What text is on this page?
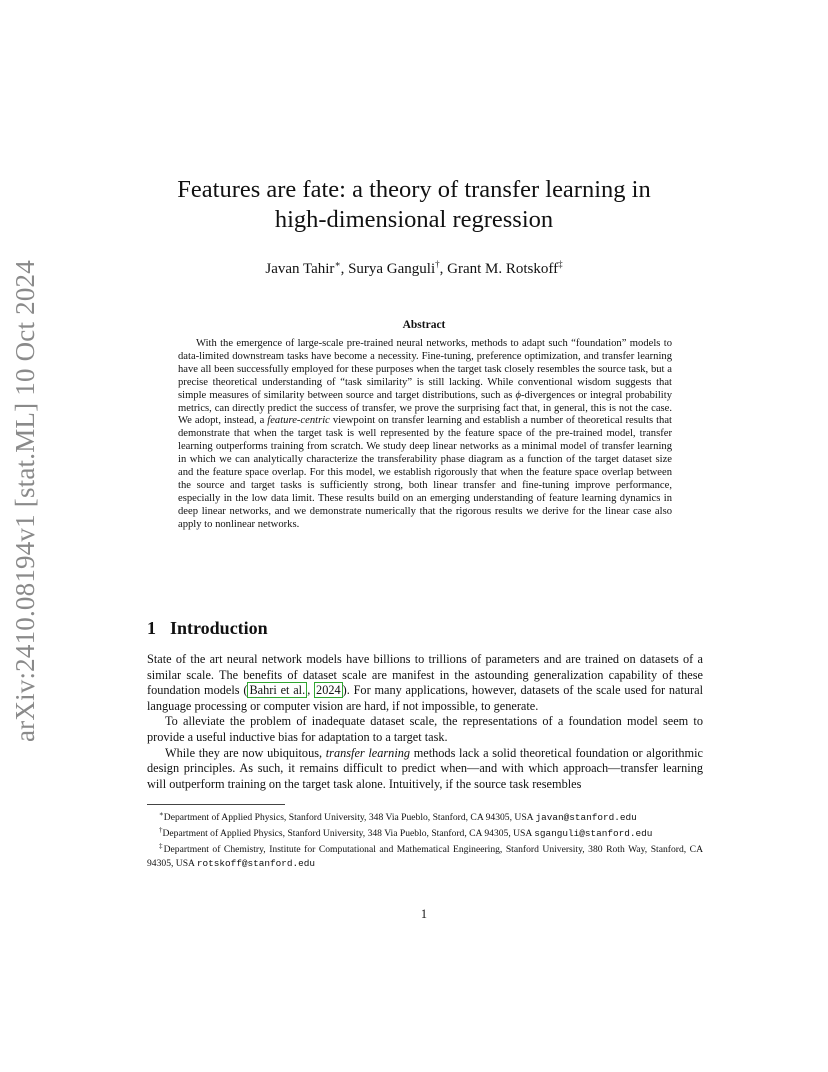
arXiv:2410.08194v1 [stat.ML] 10 Oct 2024
Features are fate: a theory of transfer learning in
high-dimensional regression
Javan Tahir∗, Surya Ganguli†, Grant M. Rotskoff‡
Abstract

With the emergence of large-scale pre-trained neural networks, methods to adapt such “foundation” models to data-limited downstream tasks have become a necessity. Fine-tuning, preference optimization, and transfer learning have all been successfully employed for these purposes when the target task closely resembles the source task, but a precise theoretical understanding of “task similarity” is still lacking. While conventional wisdom suggests that simple measures of similarity between source and target distributions, such as ϕ-divergences or integral probability metrics, can directly predict the success of transfer, we prove the surprising fact that, in general, this is not the case. We adopt, instead, a feature-centric viewpoint on transfer learning and establish a number of theoretical results that demonstrate that when the target task is well represented by the feature space of the pre-trained model, transfer learning outperforms training from scratch. We study deep linear networks as a minimal model of transfer learning in which we can analytically characterize the transferability phase diagram as a function of the target dataset size and the feature space overlap. For this model, we establish rigorously that when the feature space overlap between the source and target tasks is sufficiently strong, both linear transfer and fine-tuning improve performance, especially in the low data limit. These results build on an emerging understanding of feature learning dynamics in deep linear networks, and we demonstrate numerically that the rigorous results we derive for the linear case also apply to nonlinear networks.

1 Introduction

State of the art neural network models have billions to trillions of parameters and are trained on datasets of a similar scale. The benefits of dataset scale are manifest in the astounding generalization capability of these foundation models ( Bahri et al. , 2024 ). For many applications, however, datasets of the scale used for natural language processing or computer vision are hard, if not impossible, to generate.

To alleviate the problem of inadequate dataset scale, the representations of a foundation model seem to provide a useful inductive bias for adaptation to a target task.

While they are now ubiquitous, transfer learning methods lack a solid theoretical foundation or algorithmic design principles. As such, it remains difficult to predict when—and with which approach—transfer learning will outperform training on the target task alone. Intuitively, if the source task resembles

∗Department of Applied Physics, Stanford University, 348 Via Pueblo, Stanford, CA 94305, USA javan@stanford.edu

†Department of Applied Physics, Stanford University, 348 Via Pueblo, Stanford, CA 94305, USA sganguli@stanford.edu

‡Department of Chemistry, Institute for Computational and Mathematical Engineering, Stanford University, 380 Roth Way, Stanford, CA 94305, USA rotskoff@stanford.edu

1
